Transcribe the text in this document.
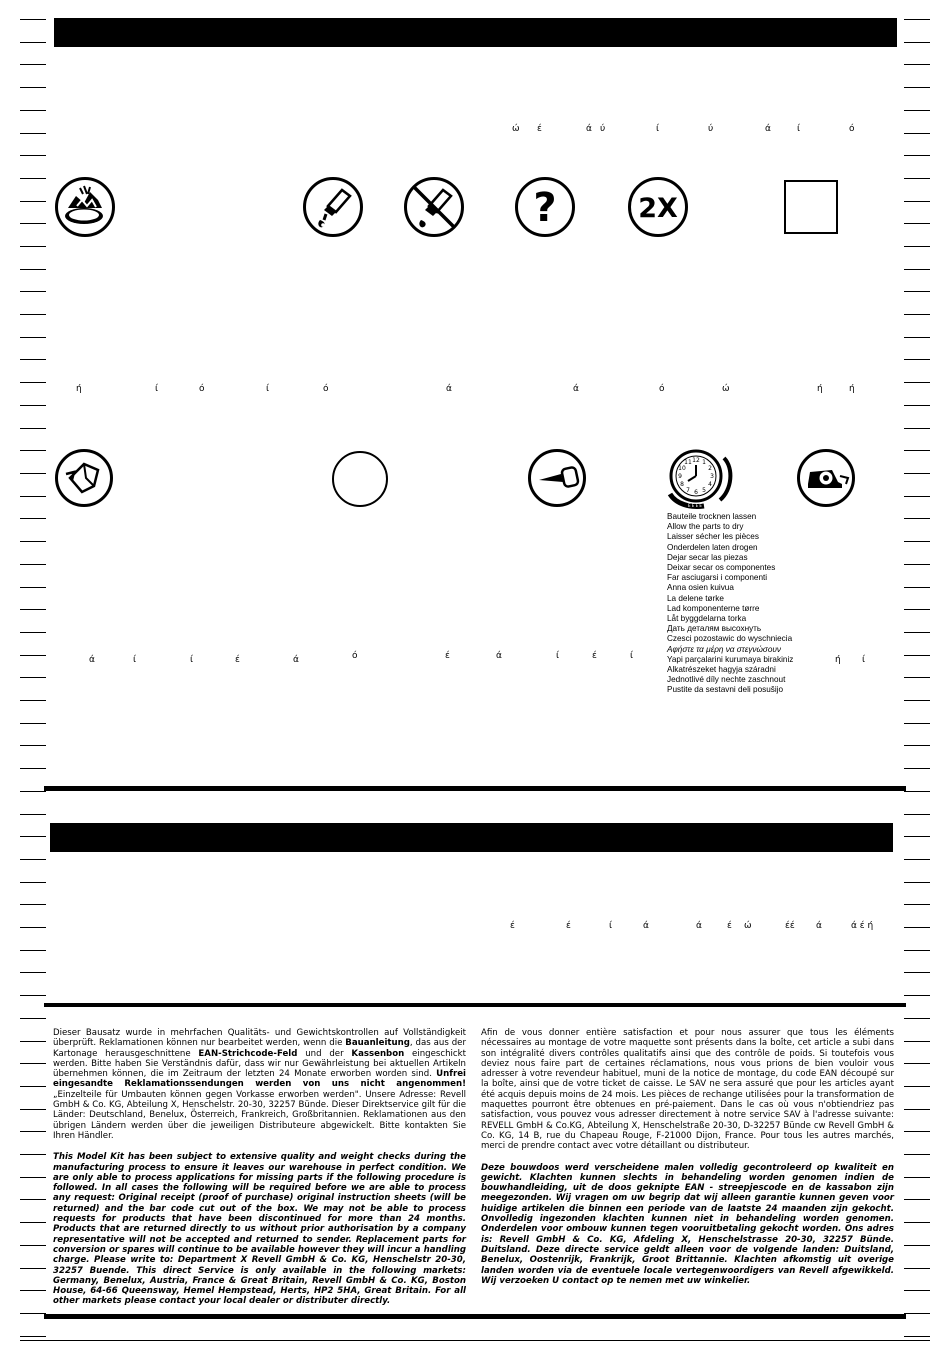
ώ έ	ά ύ	ί	ύ	ά	ί	ό
?	2X
ή	ί	ό	ί	ό	ά	ά	ό	ώ	ή	ή
12 1
2
3
4
5
6
7
8
9
10
11
E E E E
Bauteile trocknen lassen
Allow the parts to dry
Laisser sécher les pièces
Onderdelen laten drogen
Dejar secar las piezas
Deixar secar os componentes
Far asciugarsi i componenti
Anna osien kuivua
La delene tørke
Lad komponenterne tørre
Låt byggdelarna torka
Дать деталям высохнуть
Czesci pozostawic do wyschniecia
Αφήστε τα μέρη να στεγνώσουν
Yapi parçalarini kurumaya birakiniz
Alkatrészeket hagyja száradni
Jednotlivé díly nechte zaschnout
Pustite da sestavni deli posušijo
ά	ί	ί	έ	ά	ό	έ	ά	ί	έ	ί	ή ί
έ	έ	ί	ά	ά	έ ώ	έέ ά	ά έ ή

Dieser Bausatz wurde in mehrfachen Qualitäts- und Gewichtskontrollen auf Vollständigkeit überprüft. Reklamationen können nur bearbeitet werden, wenn die Bauanleitung, das aus der Kartonage herausgeschnittene EAN-Strichcode-Feld und der Kassenbon eingeschickt werden. Bitte haben Sie Verständnis dafür, dass wir nur Gewährleistung bei aktuellen Artikeln übernehmen können, die im Zeitraum der letzten 24 Monate erworben worden sind. Unfrei eingesandte Reklamationssendungen werden von uns nicht angenommen! „Einzelteile für Umbauten können gegen Vorkasse erworben werden". Unsere Adresse: Revell GmbH & Co. KG, Abteilung X, Henschelstr. 20-30, 32257 Bünde. Dieser Direktservice gilt für die Länder: Deutschland, Benelux, Österreich, Frankreich, Großbritannien. Reklamationen aus den übrigen Ländern werden über die jeweiligen Distributeure abgewickelt. Bitte kontakten Sie Ihren Händler.

This Model Kit has been subject to extensive quality and weight checks during the manufacturing process to ensure it leaves our warehouse in perfect condition. We are only able to process applications for missing parts if the following procedure is followed. In all cases the following will be required before we are able to process any request: Original receipt (proof of purchase) original instruction sheets (will be returned) and the bar code cut out of the box. We may not be able to process requests for products that have been discontinued for more than 24 months. Products that are returned directly to us without prior authorisation by a company representative will not be accepted and returned to sender. Replacement parts for conversion or spares will continue to be available however they will incur a handling charge. Please write to: Department X Revell GmbH & Co. KG, Henschelstr 20-30, 32257 Buende. This direct Service is only available in the following markets: Germany, Benelux, Austria, France & Great Britain, Revell GmbH & Co. KG, Boston House, 64-66 Queensway, Hemel Hempstead, Herts, HP2 5HA, Great Britain. For all other markets please contact your local dealer or distributer directly.

Afin de vous donner entière satisfaction et pour nous assurer que tous les éléments nécessaires au montage de votre maquette sont présents dans la boîte, cet article a subi dans son intégralité divers contrôles qualitatifs ainsi que des contrôle de poids. Si toutefois vous deviez nous faire part de certaines réclamations, nous vous prions de bien vouloir vous adresser à votre revendeur habituel, muni de la notice de montage, du code EAN découpé sur la boîte, ainsi que de votre ticket de caisse. Le SAV ne sera assuré que pour les articles ayant été acquis depuis moins de 24 mois. Les pièces de rechange utilisées pour la transformation de maquettes pourront être obtenues en pré-paiement. Dans le cas où vous n'obtiendriez pas satisfaction, vous pouvez vous adresser directement à notre service SAV à l'adresse suivante: REVELL GmbH & Co.KG, Abteilung X, Henschelstraße 20-30, D-32257 Bünde cw Revell GmbH & Co. KG, 14 B, rue du Chapeau Rouge, F-21000 Dijon, France. Pour tous les autres marchés, merci de prendre contact avec votre détaillant ou distributeur.

Deze bouwdoos werd verscheidene malen volledig gecontroleerd op kwaliteit en gewicht. Klachten kunnen slechts in behandeling worden genomen indien de bouwhandleiding, uit de doos geknipte EAN - streepjescode en de kassabon zijn meegezonden. Wij vragen om uw begrip dat wij alleen garantie kunnen geven voor huidige artikelen die binnen een periode van de laatste 24 maanden zijn gekocht. Onvolledig ingezonden klachten kunnen niet in behandeling worden genomen. Onderdelen voor ombouw kunnen tegen vooruitbetaling gekocht worden. Ons adres is: Revell GmbH & Co. KG, Afdeling X, Henschelstrasse 20-30, 32257 Bünde. Duitsland. Deze directe service geldt alleen voor de volgende landen: Duitsland, Benelux, Oostenrijk, Frankrijk, Groot Brittannie. Klachten afkomstig uit overige landen worden via de eventuele locale vertegenwoordigers van Revell afgewikkeld. Wij verzoeken U contact op te nemen met uw winkelier.
